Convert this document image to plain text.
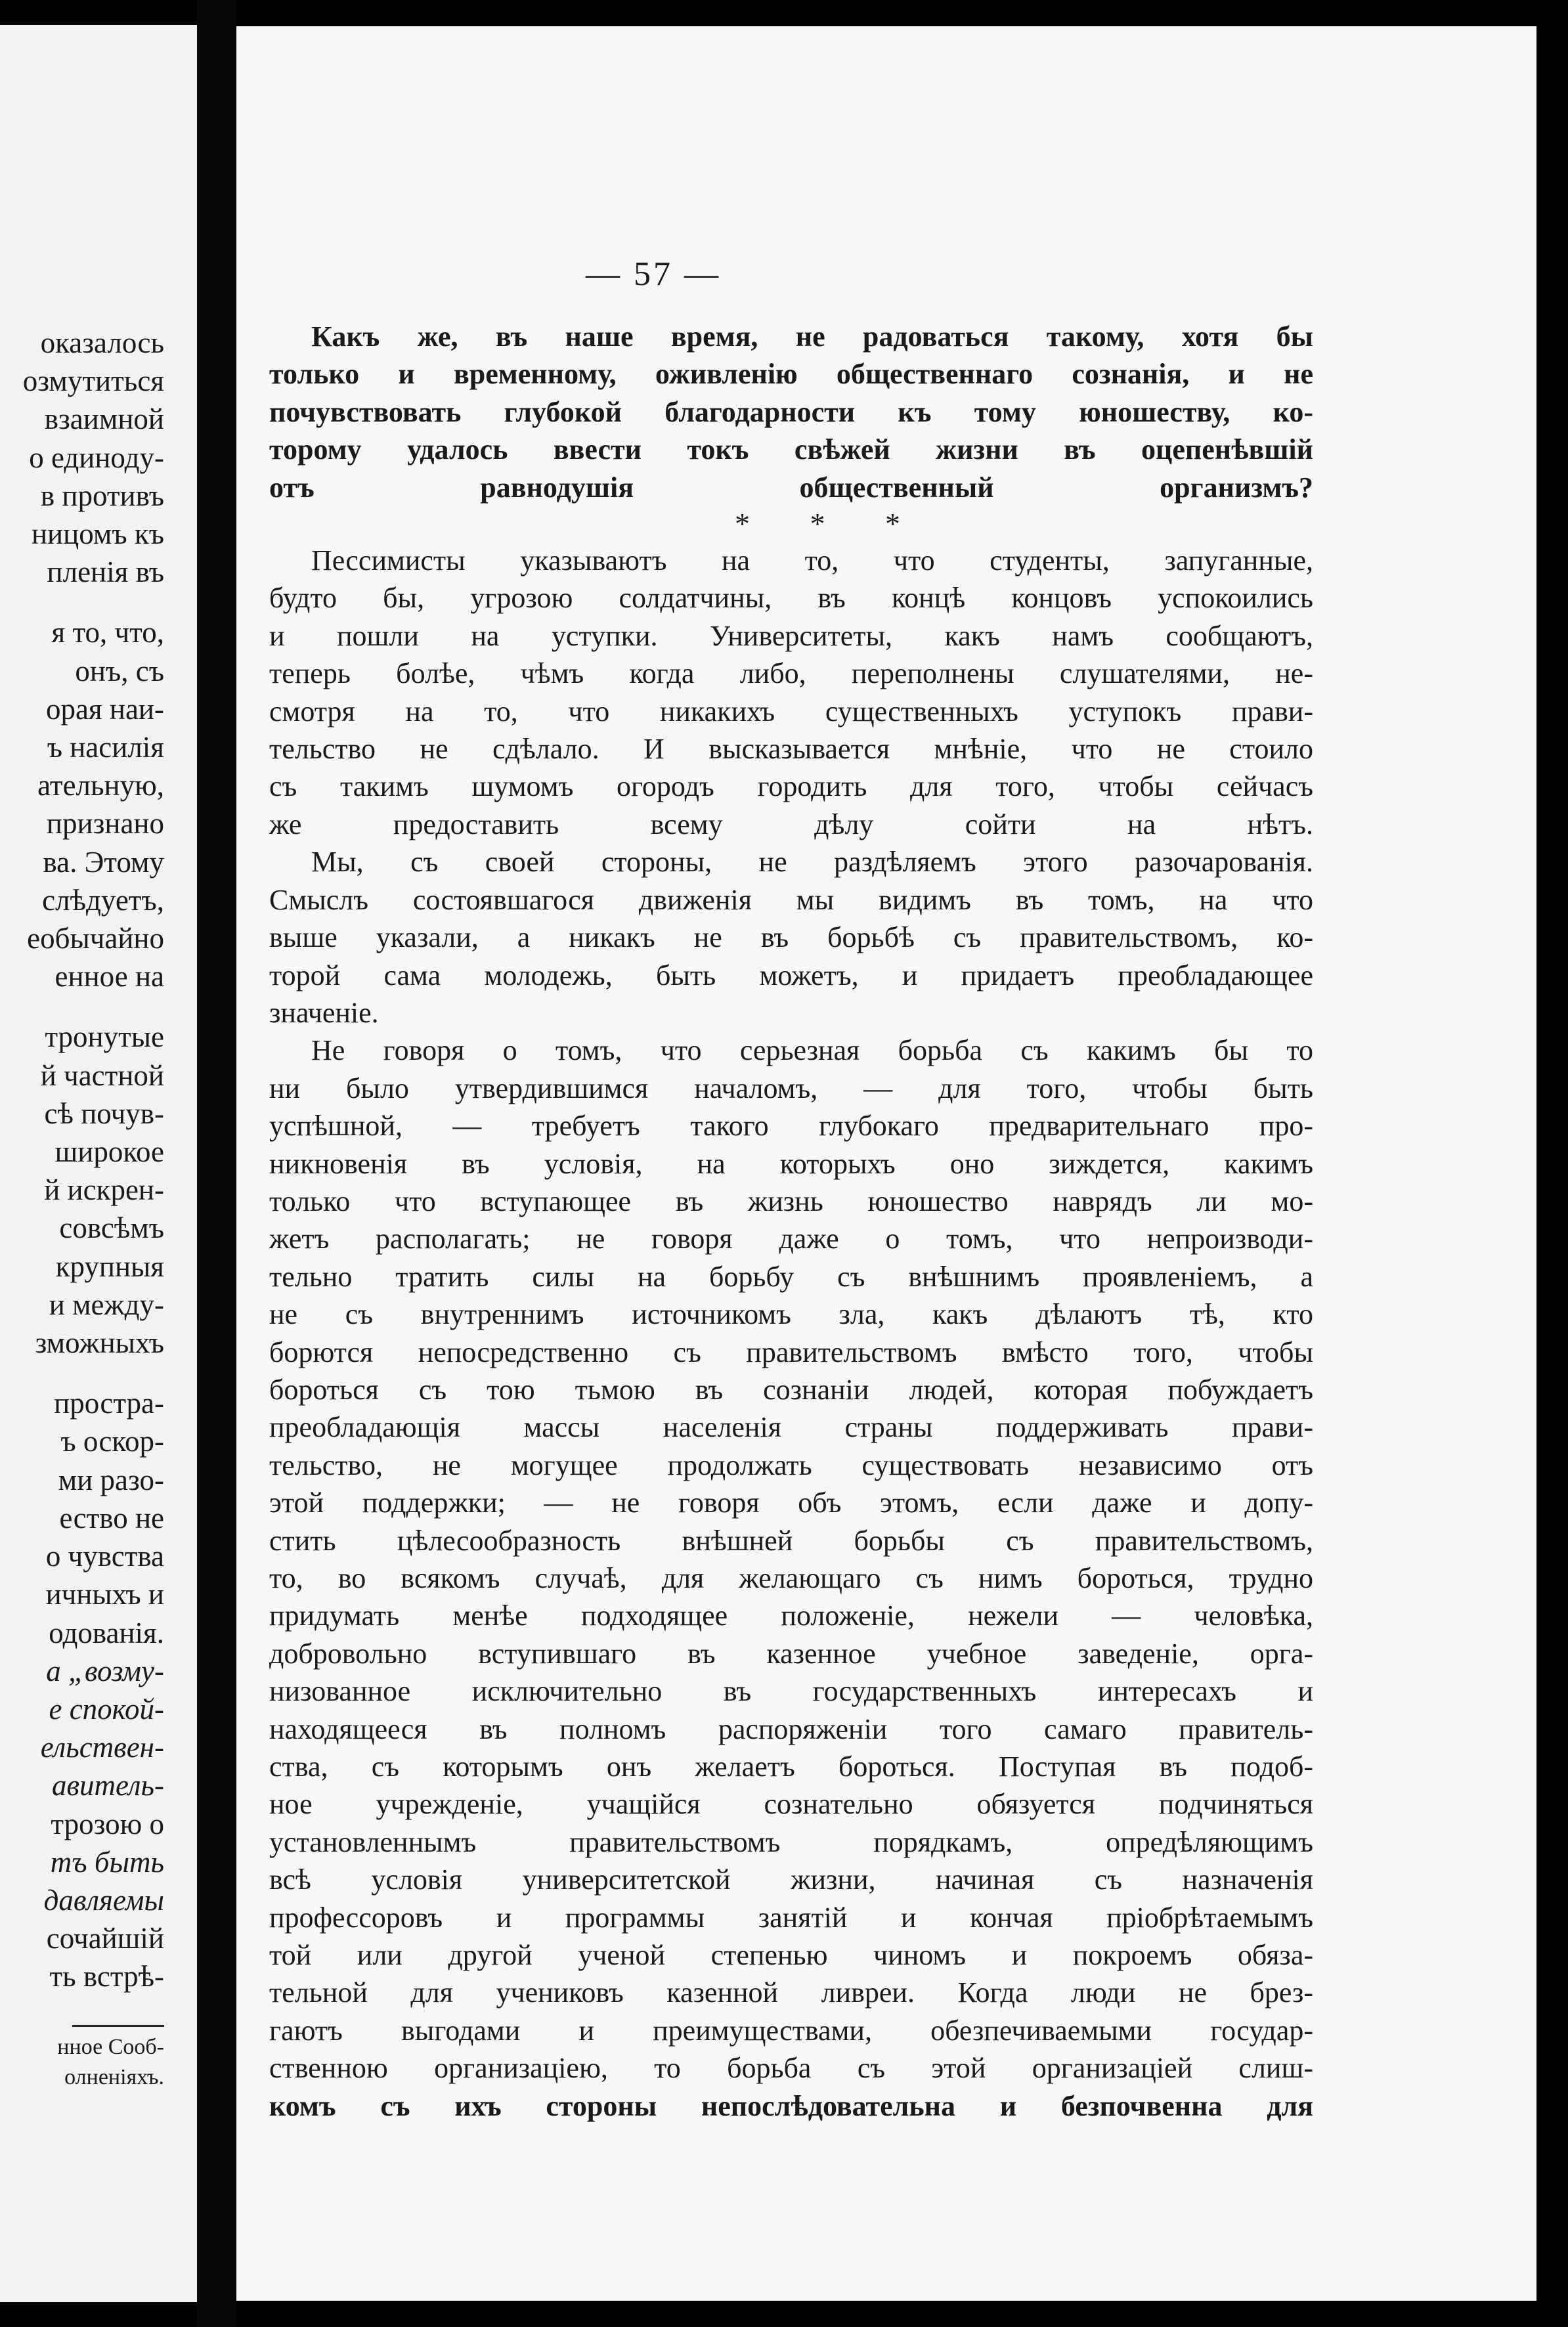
оказалось
озмутиться
взаимной
о единоду-
в противъ
ницомъ къ
пленія въ
я то, что,
онъ, съ
орая наи-
ъ насилія
ательную,
признано
ва. Этому
слѣдуетъ,
еобычайно
енное на
тронутые
й частной
сѣ почув-
широкое
й искрен-
совсѣмъ
крупныя
и между-
зможныхъ
простра-
ъ оскор-
ми разо-
ество не
о чувства
ичныхъ и
одованія.
а „возму-
е спокой-
ельствен-
авитель-
трозою о
тъ быть
давляемы
сочайшій
ть встрѣ-
нное Сооб-
олненіяхъ.
— 57 —

Какъ же, въ наше время, не радоваться такому, хотя бы
только и временному, оживленію общественнаго сознанія, и не
почувствовать глубокой благодарности къ тому юношеству, ко-
торому удалось ввести токъ свѣжей жизни въ оцепенѣвшій
отъ равнодушія общественный организмъ?

* * *

Пессимисты указываютъ на то, что студенты, запуганные,
будто бы, угрозою солдатчины, въ концѣ концовъ успокоились
и пошли на уступки. Университеты, какъ намъ сообщаютъ,
теперь болѣе, чѣмъ когда либо, переполнены слушателями, не-
смотря на то, что никакихъ существенныхъ уступокъ прави-
тельство не сдѣлало. И высказывается мнѣніе, что не стоило
съ такимъ шумомъ огородъ городить для того, чтобы сейчасъ
же предоставить всему дѣлу сойти на нѣтъ.

Мы, съ своей стороны, не раздѣляемъ этого разочарованія.
Смыслъ состоявшагося движенія мы видимъ въ томъ, на что
выше указали, а никакъ не въ борьбѣ съ правительствомъ, ко-
торой сама молодежь, быть можетъ, и придаетъ преобладающее
значеніе.

Не говоря о томъ, что серьезная борьба съ какимъ бы то
ни было утвердившимся началомъ, — для того, чтобы быть
успѣшной, — требуетъ такого глубокаго предварительнаго про-
никновенія въ условія, на которыхъ оно зиждется, какимъ
только что вступающее въ жизнь юношество наврядъ ли мо-
жетъ располагать; не говоря даже о томъ, что непроизводи-
тельно тратить силы на борьбу съ внѣшнимъ проявленіемъ, а
не съ внутреннимъ источникомъ зла, какъ дѣлаютъ тѣ, кто
борются непосредственно съ правительствомъ вмѣсто того, чтобы
бороться съ тою тьмою въ сознаніи людей, которая побуждаетъ
преобладающія массы населенія страны поддерживать прави-
тельство, не могущее продолжать существовать независимо отъ
этой поддержки; — не говоря объ этомъ, если даже и допу-
стить цѣлесообразность внѣшней борьбы съ правительствомъ,
то, во всякомъ случаѣ, для желающаго съ нимъ бороться, трудно
придумать менѣе подходящее положеніе, нежели — человѣка,
добровольно вступившаго въ казенное учебное заведеніе, орга-
низованное исключительно въ государственныхъ интересахъ и
находящееся въ полномъ распоряженіи того самаго правитель-
ства, съ которымъ онъ желаетъ бороться. Поступая въ подоб-
ное учрежденіе, учащійся сознательно обязуется подчиняться
установленнымъ правительствомъ порядкамъ, опредѣляющимъ
всѣ условія университетской жизни, начиная съ назначенія
профессоровъ и программы занятій и кончая пріобрѣтаемымъ
той или другой ученой степенью чиномъ и покроемъ обяза-
тельной для учениковъ казенной ливреи. Когда люди не брез-
гаютъ выгодами и преимуществами, обезпечиваемыми государ-
ственною организаціею, то борьба съ этой организаціей слиш-
комъ съ ихъ стороны непослѣдовательна и безпочвенна для
